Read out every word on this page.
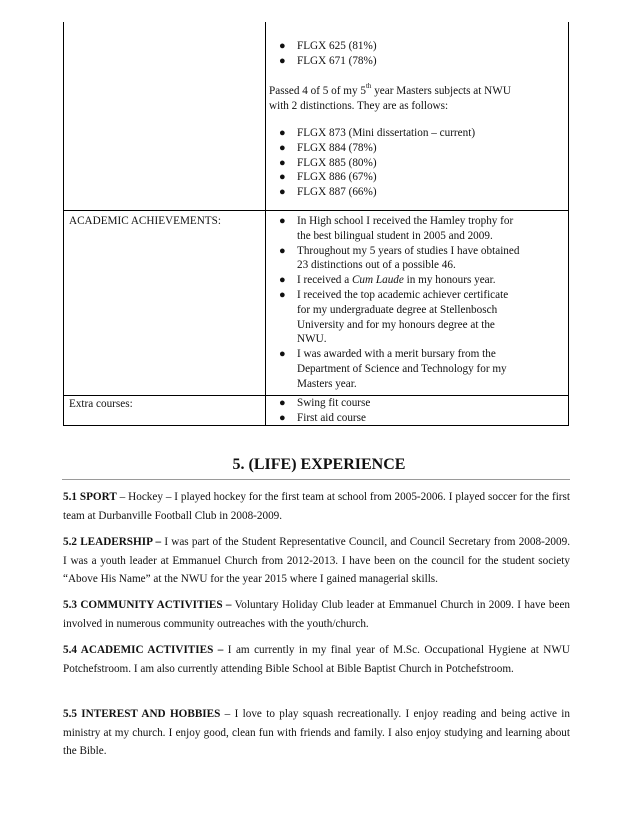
● FLGX 625 (81%)
● FLGX 671 (78%)
Passed 4 of 5 of my 5th year Masters subjects at NWU
with 2 distinctions. They are as follows:
● FLGX 873 (Mini dissertation – current)
● FLGX 884 (78%)
● FLGX 885 (80%)
● FLGX 886 (67%)
● FLGX 887 (66%)
ACADEMIC ACHIEVEMENTS:	● In High school I received the Hamley trophy for
the best bilingual student in 2005 and 2009.
● Throughout my 5 years of studies I have obtained
23 distinctions out of a possible 46.
● I received a Cum Laude in my honours year.
● I received the top academic achiever certificate
for my undergraduate degree at Stellenbosch
University and for my honours degree at the
NWU.
● I was awarded with a merit bursary from the
Department of Science and Technology for my
Masters year.
Extra courses:	● Swing fit course
● First aid course
5. (LIFE) EXPERIENCE
5.1 SPORT – Hockey – I played hockey for the first team at school from 2005-2006. I played soccer for the first team at Durbanville Football Club in 2008-2009.
5.2 LEADERSHIP – I was part of the Student Representative Council, and Council Secretary from 2008-2009. I was a youth leader at Emmanuel Church from 2012-2013. I have been on the council for the student society “Above His Name” at the NWU for the year 2015 where I gained managerial skills.
5.3 COMMUNITY ACTIVITIES – Voluntary Holiday Club leader at Emmanuel Church in 2009. I have been involved in numerous community outreaches with the youth/church.
5.4 ACADEMIC ACTIVITIES – I am currently in my final year of M.Sc. Occupational Hygiene at NWU Potchefstroom. I am also currently attending Bible School at Bible Baptist Church in Potchefstroom.
5.5 INTEREST AND HOBBIES – I love to play squash recreationally. I enjoy reading and being active in ministry at my church. I enjoy good, clean fun with friends and family. I also enjoy studying and learning about the Bible.
